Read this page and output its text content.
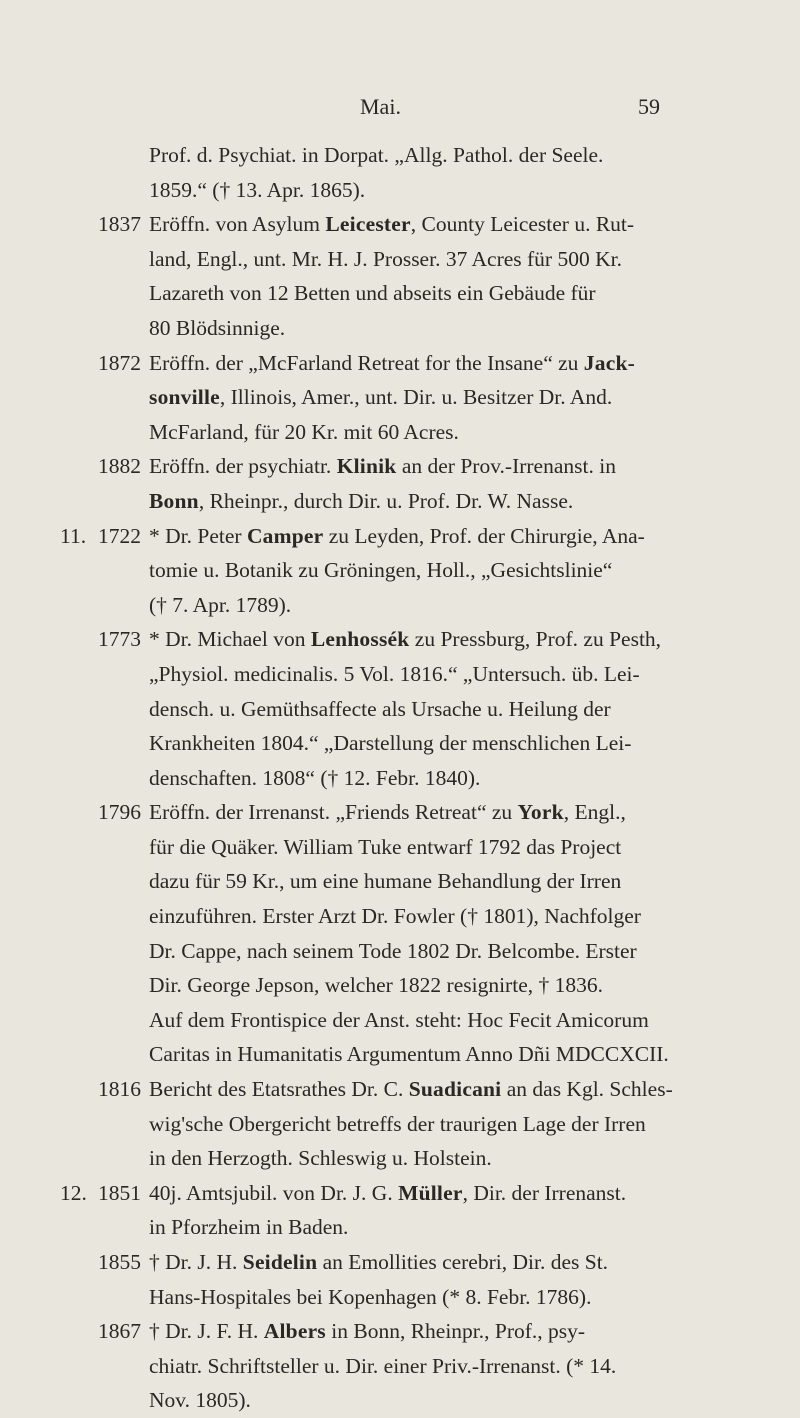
Mai.	59
Prof. d. Psychiat. in Dorpat. „Allg. Pathol. der Seele.
1859.“ († 13. Apr. 1865).
1837 Eröffn. von Asylum Leicester, County Leicester u. Rut-
land, Engl., unt. Mr. H. J. Prosser. 37 Acres für 500 Kr.
Lazareth von 12 Betten und abseits ein Gebäude für
80 Blödsinnige.
1872 Eröffn. der „McFarland Retreat for the Insane“ zu Jack-
sonville, Illinois, Amer., unt. Dir. u. Besitzer Dr. And.
McFarland, für 20 Kr. mit 60 Acres.
1882 Eröffn. der psychiatr. Klinik an der Prov.-Irrenanst. in
Bonn, Rheinpr., durch Dir. u. Prof. Dr. W. Nasse.
11. 1722 * Dr. Peter Camper zu Leyden, Prof. der Chirurgie, Ana-
tomie u. Botanik zu Gröningen, Holl., „Gesichtslinie“
(† 7. Apr. 1789).
1773 * Dr. Michael von Lenhossék zu Pressburg, Prof. zu Pesth,
„Physiol. medicinalis. 5 Vol. 1816.“ „Untersuch. üb. Lei-
densch. u. Gemüthsaffecte als Ursache u. Heilung der
Krankheiten 1804.“ „Darstellung der menschlichen Lei-
denschaften. 1808“ († 12. Febr. 1840).
1796 Eröffn. der Irrenanst. „Friends Retreat“ zu York, Engl.,
für die Quäker. William Tuke entwarf 1792 das Project
dazu für 59 Kr., um eine humane Behandlung der Irren
einzuführen. Erster Arzt Dr. Fowler († 1801), Nachfolger
Dr. Cappe, nach seinem Tode 1802 Dr. Belcombe. Erster
Dir. George Jepson, welcher 1822 resignirte, † 1836.
Auf dem Frontispice der Anst. steht: Hoc Fecit Amicorum
Caritas in Humanitatis Argumentum Anno Dñi MDCCXCII.
1816 Bericht des Etatsrathes Dr. C. Suadicani an das Kgl. Schles-
wig'sche Obergericht betreffs der traurigen Lage der Irren
in den Herzogth. Schleswig u. Holstein.
12. 1851 40j. Amtsjubil. von Dr. J. G. Müller, Dir. der Irrenanst.
in Pforzheim in Baden.
1855 † Dr. J. H. Seidelin an Emollities cerebri, Dir. des St.
Hans-Hospitales bei Kopenhagen (* 8. Febr. 1786).
1867 † Dr. J. F. H. Albers in Bonn, Rheinpr., Prof., psy-
chiatr. Schriftsteller u. Dir. einer Priv.-Irrenanst. (* 14.
Nov. 1805).
